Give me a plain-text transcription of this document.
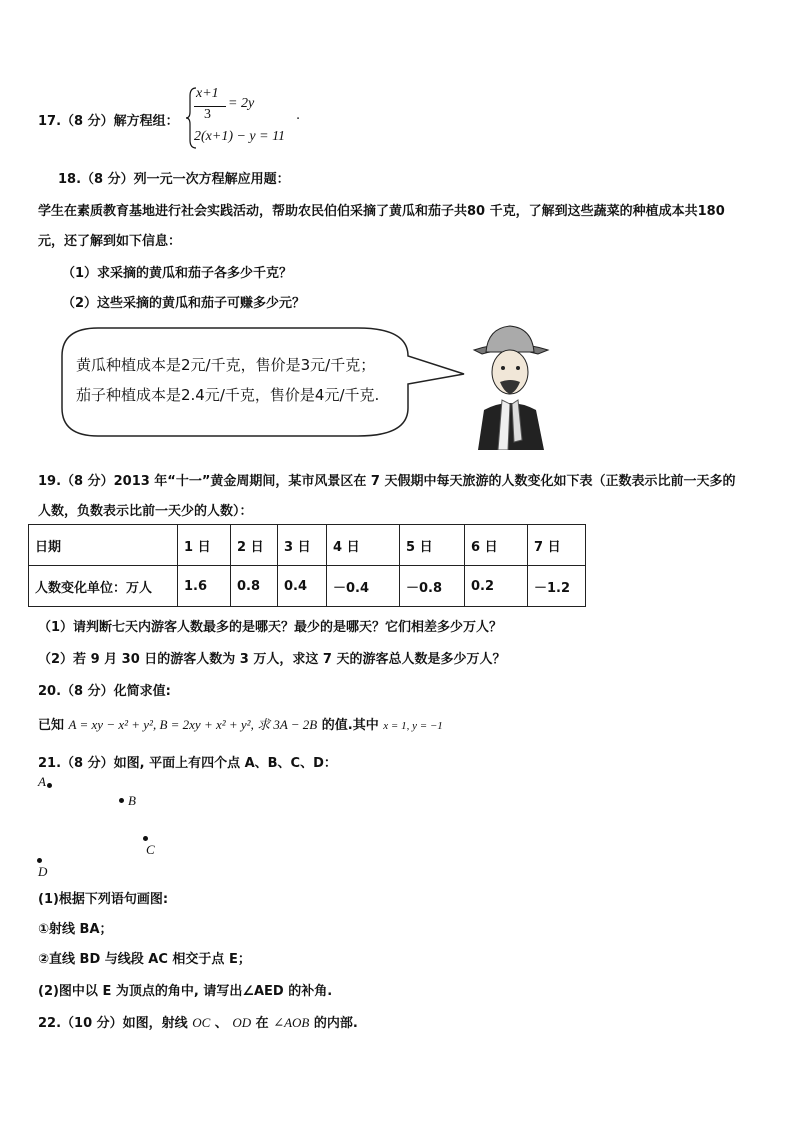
17.（8 分）解方程组：
x+1
3
= 2y
2(x+1) − y = 11
.
18.（8 分）列一元一次方程解应用题：
学生在素质教育基地进行社会实践活动，帮助农民伯伯采摘了黄瓜和茄子共80 千克，了解到这些蔬菜的种植成本共180
元，还了解到如下信息：
（1）求采摘的黄瓜和茄子各多少千克？
（2）这些采摘的黄瓜和茄子可赚多少元？
黄瓜种植成本是2元/千克，售价是3元/千克；
茄子种植成本是2.4元/千克，售价是4元/千克.
19.（8 分）2013 年“十一”黄金周期间，某市风景区在 7 天假期中每天旅游的人数变化如下表（正数表示比前一天多的
人数，负数表示比前一天少的人数）：
日期	1 日	2 日	3 日	4 日	5 日	6 日	7 日
人数变化单位：万人	1.6	0.8	0.4	－0.4	－0.8	0.2	－1.2
（1）请判断七天内游客人数最多的是哪天？最少的是哪天？它们相差多少万人？
（2）若 9 月 30 日的游客人数为 3 万人，求这 7 天的游客总人数是多少万人？
20.（8 分）化简求值:
已知 A = xy − x² + y², B = 2xy + x² + y², 求 3A − 2B 的值.其中 x = 1, y = −1
21.（8 分）如图, 平面上有四个点 A、B、C、D：
A
B
C
D
(1)根据下列语句画图:
①射线 BA；
②直线 BD 与线段 AC 相交于点 E；
(2)图中以 E 为顶点的角中, 请写出∠AED 的补角.
22.（10 分）如图，射线 OC 、 OD 在 ∠AOB 的内部.
